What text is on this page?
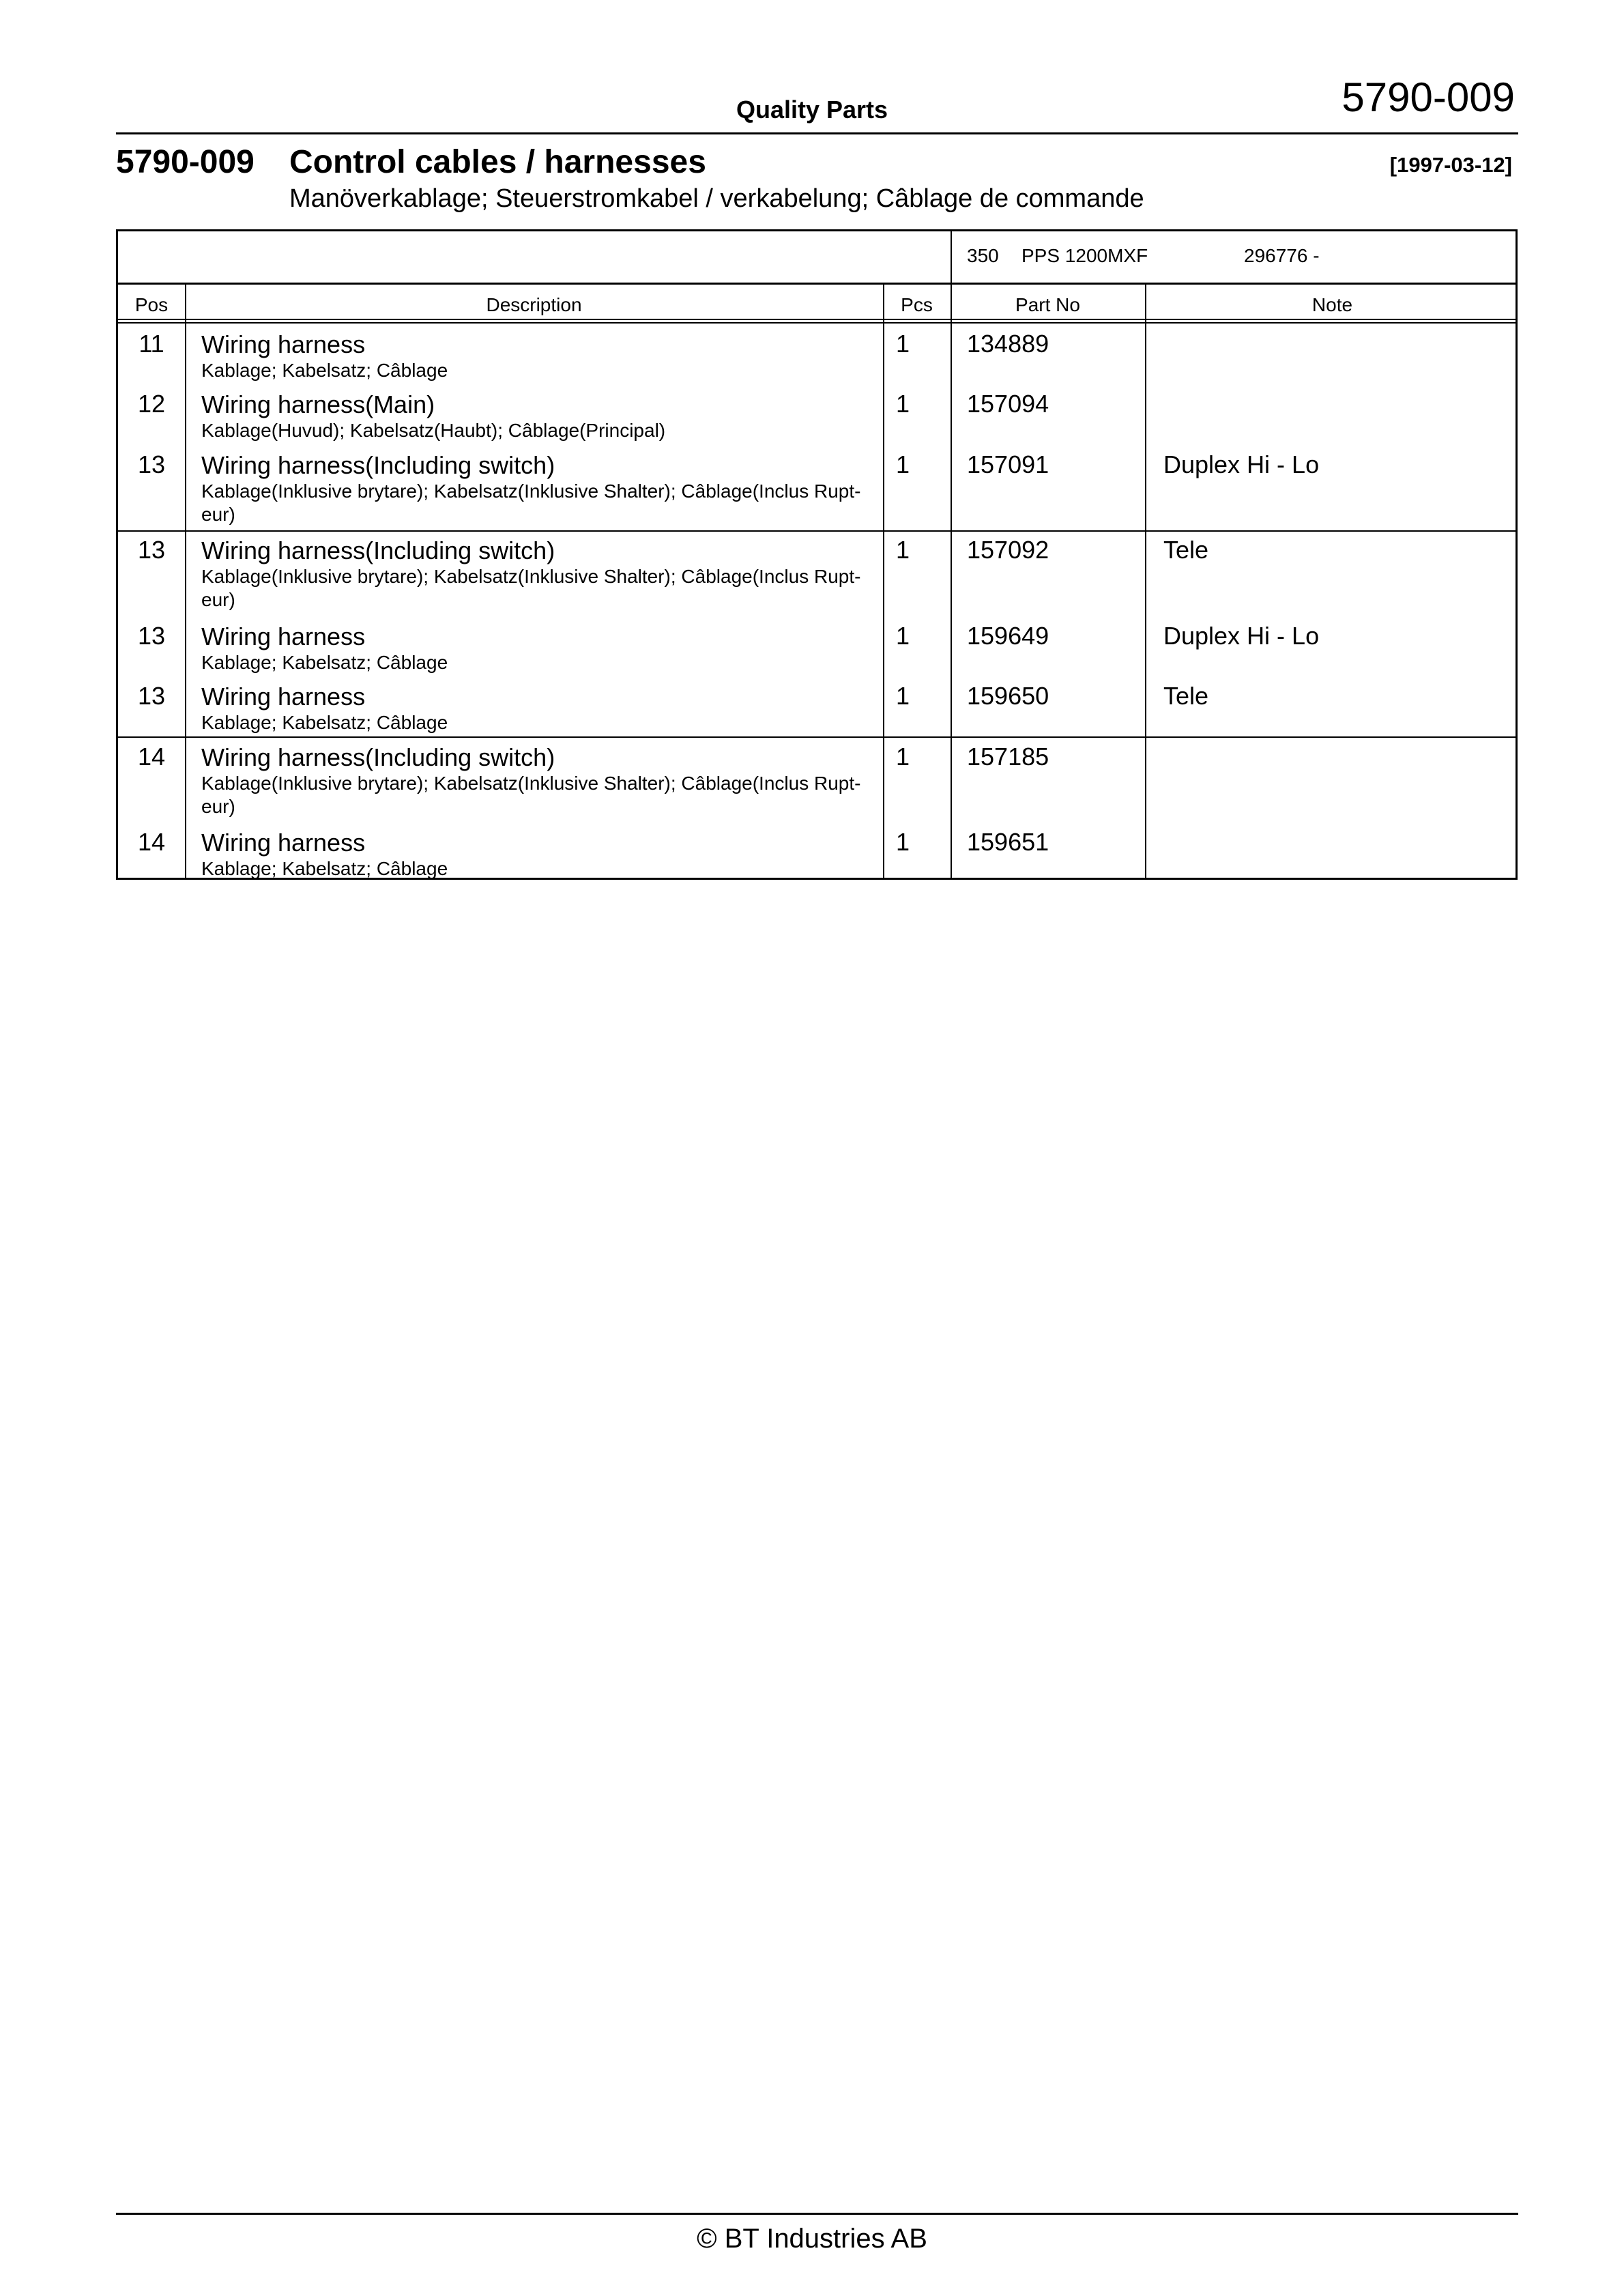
Quality Parts	5790-009
5790-009 Control cables / harnesses	[1997-03-12]
Manöverkablage; Steuerstromkabel / verkabelung; Câblage de commande
350 PPS 1200MXF	296776 -
Pos	Description	Pcs	Part No	Note
11	Wiring harness
Kablage; Kabelsatz; Câblage
1 134889
12	Wiring harness(Main)
Kablage(Huvud); Kabelsatz(Haubt); Câblage(Principal)
1 157094
13	Wiring harness(Including switch)
Kablage(Inklusive brytare); Kabelsatz(Inklusive Shalter); Câblage(Inclus Rupt-
eur)
1 157091	Duplex Hi - Lo
13	Wiring harness(Including switch)
Kablage(Inklusive brytare); Kabelsatz(Inklusive Shalter); Câblage(Inclus Rupt-
eur)
1 157092	Tele
13	Wiring harness
Kablage; Kabelsatz; Câblage
1 159649	Duplex Hi - Lo
13	Wiring harness
Kablage; Kabelsatz; Câblage
1 159650	Tele
14	Wiring harness(Including switch)
Kablage(Inklusive brytare); Kabelsatz(Inklusive Shalter); Câblage(Inclus Rupt-
eur)
1 157185
14	Wiring harness
Kablage; Kabelsatz; Câblage
1 159651
© BT Industries AB
